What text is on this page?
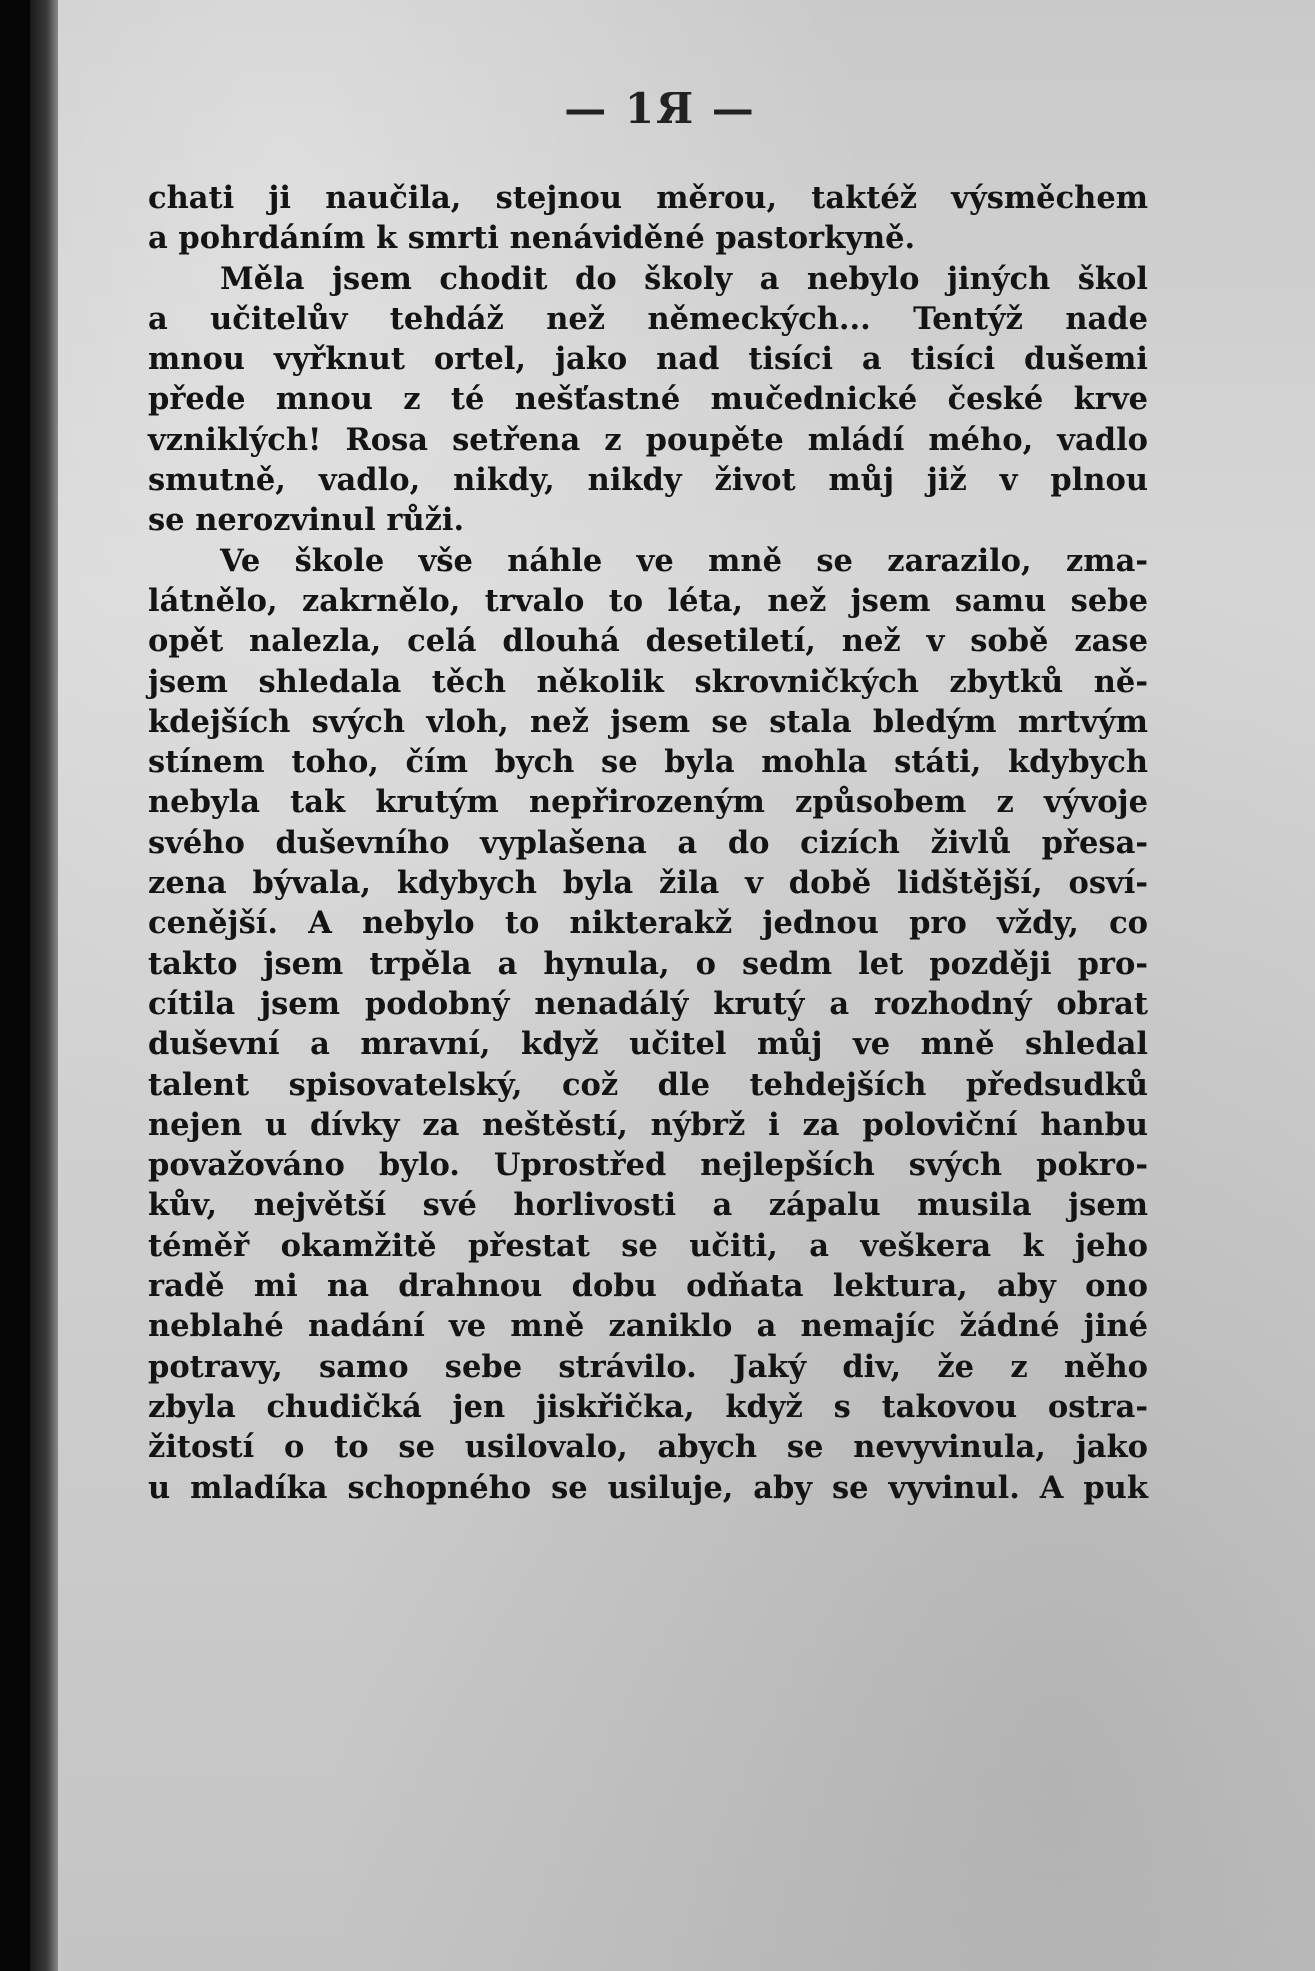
— 1Я —
chati ji naučila, stejnou měrou, taktéž výsměchem
a pohrdáním k smrti nenáviděné pastorkyně.
Měla jsem chodit do školy a nebylo jiných škol
a učitelův tehdáž než německých... Tentýž nade
mnou vyřknut ortel, jako nad tisíci a tisíci dušemi
přede mnou z té nešťastné mučednické české krve
vzniklých! Rosa setřena z poupěte mládí mého, vadlo
smutně, vadlo, nikdy, nikdy život můj již v plnou
se nerozvinul růži.
Ve škole vše náhle ve mně se zarazilo, zma-
látnělo, zakrnělo, trvalo to léta, než jsem samu sebe
opět nalezla, celá dlouhá desetiletí, než v sobě zase
jsem shledala těch několik skrovničkých zbytků ně-
kdejších svých vloh, než jsem se stala bledým mrtvým
stínem toho, čím bych se byla mohla státi, kdybych
nebyla tak krutým nepřirozeným způsobem z vývoje
svého duševního vyplašena a do cizích živlů přesa-
zena bývala, kdybych byla žila v době lidštější, osví-
cenější. A nebylo to nikterakž jednou pro vždy, co
takto jsem trpěla a hynula, o sedm let později pro-
cítila jsem podobný nenadálý krutý a rozhodný obrat
duševní a mravní, když učitel můj ve mně shledal
talent spisovatelský, což dle tehdejších předsudků
nejen u dívky za neštěstí, nýbrž i za poloviční hanbu
považováno bylo. Uprostřed nejlepších svých pokro-
kův, největší své horlivosti a zápalu musila jsem
téměř okamžitě přestat se učiti, a veškera k jeho
radě mi na drahnou dobu odňata lektura, aby ono
neblahé nadání ve mně zaniklo a nemajíc žádné jiné
potravy, samo sebe strávilo. Jaký div, že z něho
zbyla chudičká jen jiskřička, když s takovou ostra-
žitostí o to se usilovalo, abych se nevyvinula, jako
u mladíka schopného se usiluje, aby se vyvinul. A puk
